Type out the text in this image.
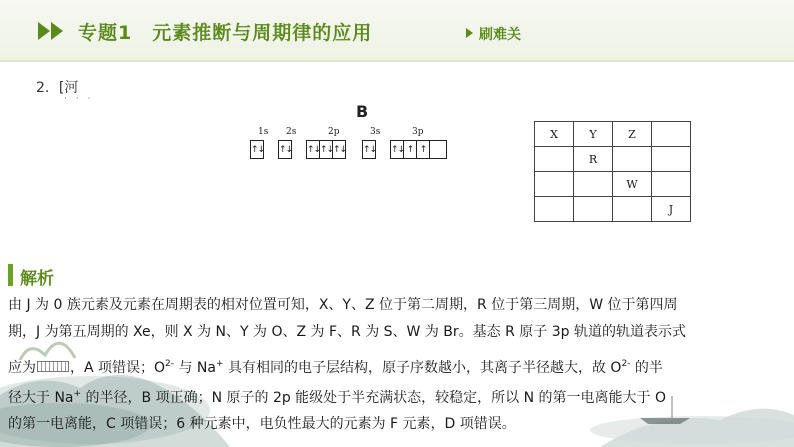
专题1　元素推断与周期律的应用	刷难关
2．[河
· · ·
B
1s 2s	2p	3s	3p
↑↓ ↑↓ ↑↓ ↑↓ ↑↓ ↑↓ ↑↓ ↑ ↑
X	Y	Z	
	R		
		W	
			J
解析
由 J 为 0 族元素及元素在周期表的相对位置可知，X、Y、Z 位于第二周期，R 位于第三周期，W 位于第四周
期，J 为第五周期的 Xe，则 X 为 N、Y 为 O、Z 为 F、R 为 S、W 为 Br。基态 R 原子 3p 轨道的轨道表示式
应为 ，A 项错误；$O^{2-}$ 与 Na+ 具有相同的电子层结构，原子序数越小，其离子半径越大，故 $O^{2-}$ 的半
径大于 Na+ 的半径，B 项正确；N 原子的 2p 能级处于半充满状态，较稳定，所以 N 的第一电离能大于 O
的第一电离能，C 项错误；6 种元素中，电负性最大的元素为 F 元素，D 项错误。
